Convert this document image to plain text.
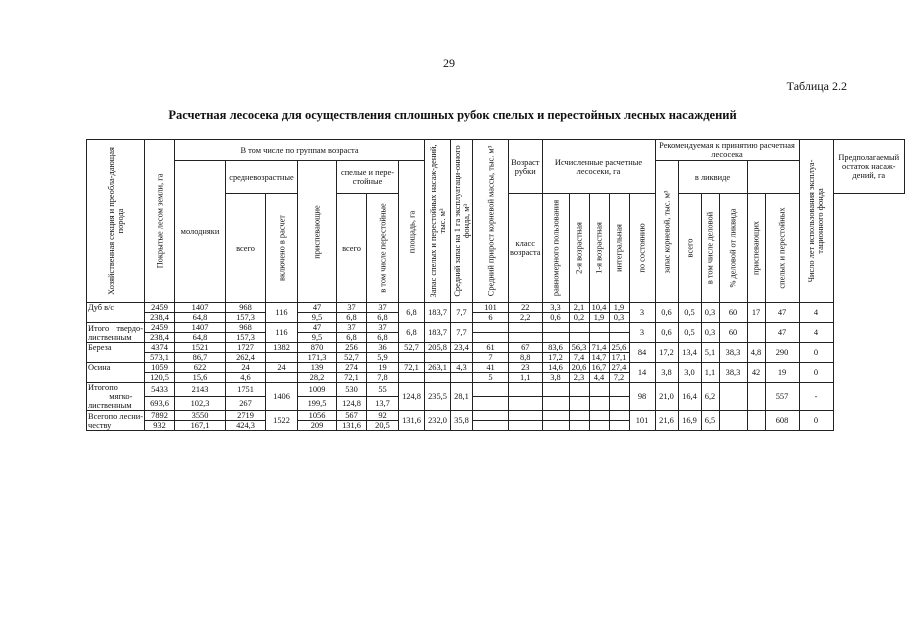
29
Таблица 2.2
Расчетная лесосека для осуществления сплошных рубок спелых и перестойных лесных насаждений
Хозяйственная секция и преобла-дающая порода	Покрытые лесом земли, га	В том числе по группам возраста							Запас спелых и перестойных насаж-дений, тыс. м³	Средний запас на 1 га эксплуатаци-онного фонда, м³	Средний прирост корневой массы, тыс. м³	Возраст рубки	Исчисленные расчетные лесосеки, га					Рекомендуемая к принятию расчетная лесосека						Число лет использования эксплуа-тационного фонда	Предполагаемый остаток насаж-дений, га
		молодняки	средневозрастные		приспевающие	спелые и пере-стойные		площадь, га										запас корневой, тыс. м³	в ликвиде						
			всего	включено в расчет		всего	в том числе перестойные					класс возраста	равномерного пользования	2-я возрастная	1-я возрастная	интегральная	по состоянию		всего	в том числе деловой	% деловой от ликвида	приспевающих	спелых и перестойных		

Дуб в/с	2459	1407	968	116	47	37	37	6,8	183,7	7,7	101	22	3,3	2,1	10,4	1,9	3	0,6	0,5	0,3	60	17	47	4	
	238,4	64,8	157,3		9,5	6,8	6,8				6	2,2	0,6	0,2	1,9	0,3									

Итого твердо-
лиственным	2459	1407	968	116	47	37	37	6,8	183,7	7,7							3	0,6	0,5	0,3	60		47	4	
	238,4	64,8	157,3		9,5	6,8	6,8																		
Береза	4374	1521	1727	1382	870	256	36	52,7	205,8	23,4	61	67	83,6	56,3	71,4	25,6	84	17,2	13,4	5,1	38,3	4,8	290	0	
	573,1	86,7	262,4		171,3	52,7	5,9				7	8,8	17,2	7,4	14,7	17,1									
Осина	1059	622	24	24	139	274	19	72,1	263,1	4,3	41	23	14,6	20,6	16,7	27,4	14	3,8	3,0	1,1	38,3	42	19	0	
	120,5	15,6	4,6		28,2	72,1	7,8				5	1,1	3,8	2,3	4,4	7,2									

Итого по мягко-
лиственным	5433	2143	1751	1406	1009	530	55	124,8	235,5	28,1							98	21,0	16,4	6,2			557	-	
	693,6	102,3	267		199,5	124,8	13,7																		

Всего по лесни-
честву	7892	3550	2719	1522	1056	567	92	131,6	232,0	35,8							101	21,6	16,9	6,5			608	0	
	932	167,1	424,3		209	131,6	20,5																		
